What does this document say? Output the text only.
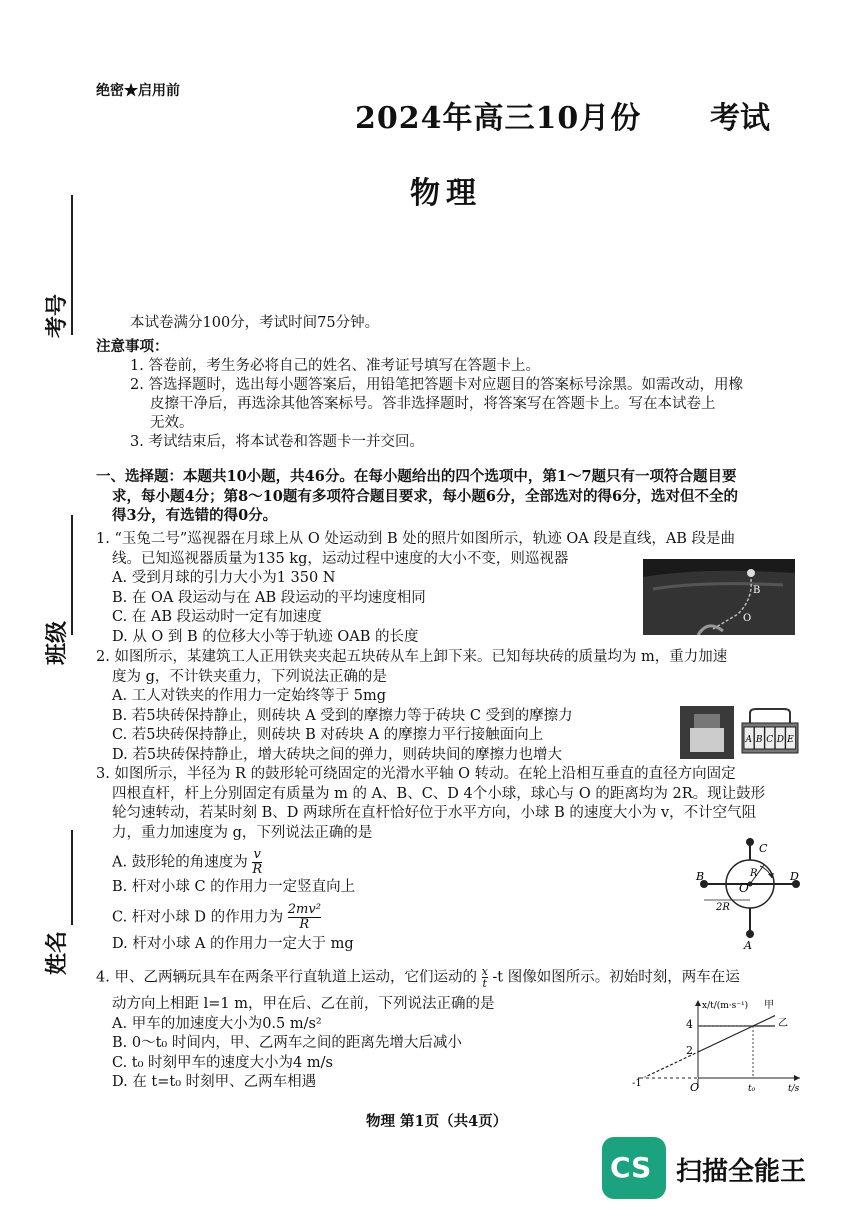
绝密★启用前
2024年高三10月份 考试
物理
考号
班级
姓名
本试卷满分100分，考试时间75分钟。
注意事项：
1. 答卷前，考生务必将自己的姓名、准考证号填写在答题卡上。
2. 答选择题时，选出每小题答案后，用铅笔把答题卡对应题目的答案标号涂黑。如需改动，用橡
皮擦干净后，再选涂其他答案标号。答非选择题时，将答案写在答题卡上。写在本试卷上
无效。
3. 考试结束后，将本试卷和答题卡一并交回。
一、选择题：本题共10小题，共46分。在每小题给出的四个选项中，第1～7题只有一项符合题目要
求，每小题4分；第8～10题有多项符合题目要求，每小题6分，全部选对的得6分，选对但不全的
得3分，有选错的得0分。
1. “玉兔二号”巡视器在月球上从 O 处运动到 B 处的照片如图所示，轨迹 OA 段是直线，AB 段是曲
线。已知巡视器质量为135 kg，运动过程中速度的大小不变，则巡视器
A. 受到月球的引力大小为1 350 N
B. 在 OA 段运动与在 AB 段运动的平均速度相同
C. 在 AB 段运动时一定有加速度
D. 从 O 到 B 的位移大小等于轨迹 OAB 的长度
B
O
2. 如图所示，某建筑工人正用铁夹夹起五块砖从车上卸下来。已知每块砖的质量均为 m，重力加速
度为 g，不计铁夹重力，下列说法正确的是
A. 工人对铁夹的作用力一定始终等于 5mg
B. 若5块砖保持静止，则砖块 A 受到的摩擦力等于砖块 C 受到的摩擦力
C. 若5块砖保持静止，则砖块 B 对砖块 A 的摩擦力平行接触面向上
D. 若5块砖保持静止，增大砖块之间的弹力，则砖块间的摩擦力也增大
A B C D E
3. 如图所示，半径为 R 的鼓形轮可绕固定的光滑水平轴 O 转动。在轮上沿相互垂直的直径方向固定
四根直杆，杆上分别固定有质量为 m 的 A、B、C、D 4个小球，球心与 O 的距离均为 2R。现让鼓形
轮匀速转动，若某时刻 B、D 两球所在直杆恰好位于水平方向，小球 B 的速度大小为 v，不计空气阻
力，重力加速度为 g，下列说法正确的是
A. 鼓形轮的角速度为 $\frac{v}{R}$
B. 杆对小球 C 的作用力一定竖直向上
C. 杆对小球 D 的作用力为 $\frac{\text{2mv²}}{R}$
D. 杆对小球 A 的作用力一定大于 mg
C
B	D
A
O
R
2R
4. 甲、乙两辆玩具车在两条平行直轨道上运动，它们运动的 $\frac{x}{t} -t$ 图像如图所示。初始时刻，两车在运
动方向上相距 l=1 m，甲在后、乙在前，下列说法正确的是
A. 甲车的加速度大小为0.5 m/s²
B. 0～t₀ 时间内，甲、乙两车之间的距离先增大后减小
C. t₀ 时刻甲车的速度大小为4 m/s
D. 在 t=t₀ 时刻甲、乙两车相遇
x/t/(m·s⁻¹)
t/s
甲
乙
4
2
O	t₀
-1
物理 第1页（共4页）
CS 扫描全能王
